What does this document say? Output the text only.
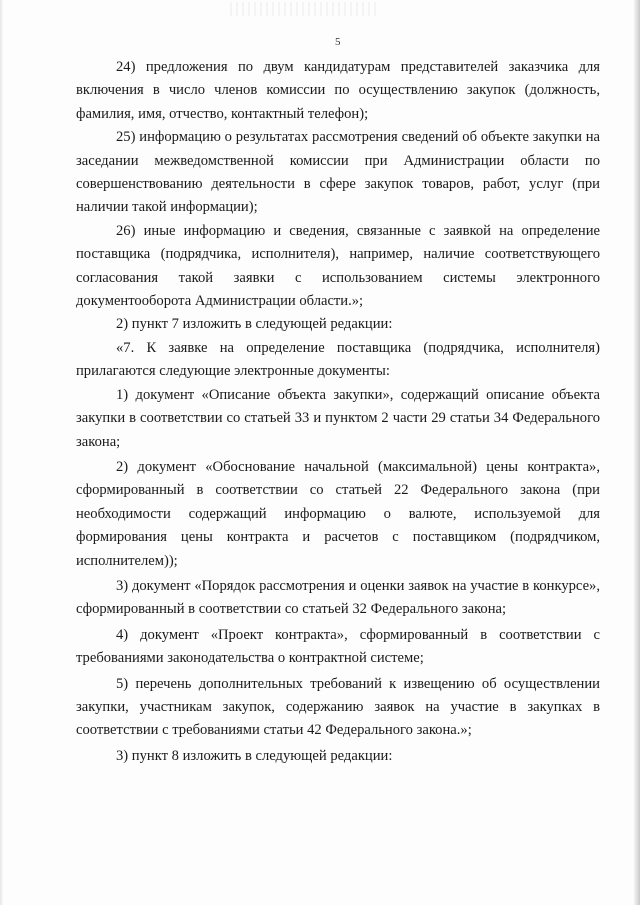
5

24) предложения по двум кандидатурам представителей заказчика для включения в число членов комиссии по осуществлению закупок (должность, фамилия, имя, отчество, контактный телефон);

25) информацию о результатах рассмотрения сведений об объекте закупки на заседании межведомственной комиссии при Администрации области по совершенствованию деятельности в сфере закупок товаров, работ, услуг (при наличии такой информации);

26) иные информацию и сведения, связанные с заявкой на определение поставщика (подрядчика, исполнителя), например, наличие соответствующего согласования такой заявки с использованием системы электронного документооборота Администрации области.»;

2) пункт 7 изложить в следующей редакции:

«7. К заявке на определение поставщика (подрядчика, исполнителя) прилагаются следующие электронные документы:

1) документ «Описание объекта закупки», содержащий описание объекта закупки в соответствии со статьей 33 и пунктом 2 части 29 статьи 34 Федерального закона;

2) документ «Обоснование начальной (максимальной) цены контракта», сформированный в соответствии со статьей 22 Федерального закона (при необходимости содержащий информацию о валюте, используемой для формирования цены контракта и расчетов с поставщиком (подрядчиком, исполнителем));

3) документ «Порядок рассмотрения и оценки заявок на участие в конкурсе», сформированный в соответствии со статьей 32 Федерального закона;

4) документ «Проект контракта», сформированный в соответствии с требованиями законодательства о контрактной системе;

5) перечень дополнительных требований к извещению об осуществлении закупки, участникам закупок, содержанию заявок на участие в закупках в соответствии с требованиями статьи 42 Федерального закона.»;

3) пункт 8 изложить в следующей редакции:
